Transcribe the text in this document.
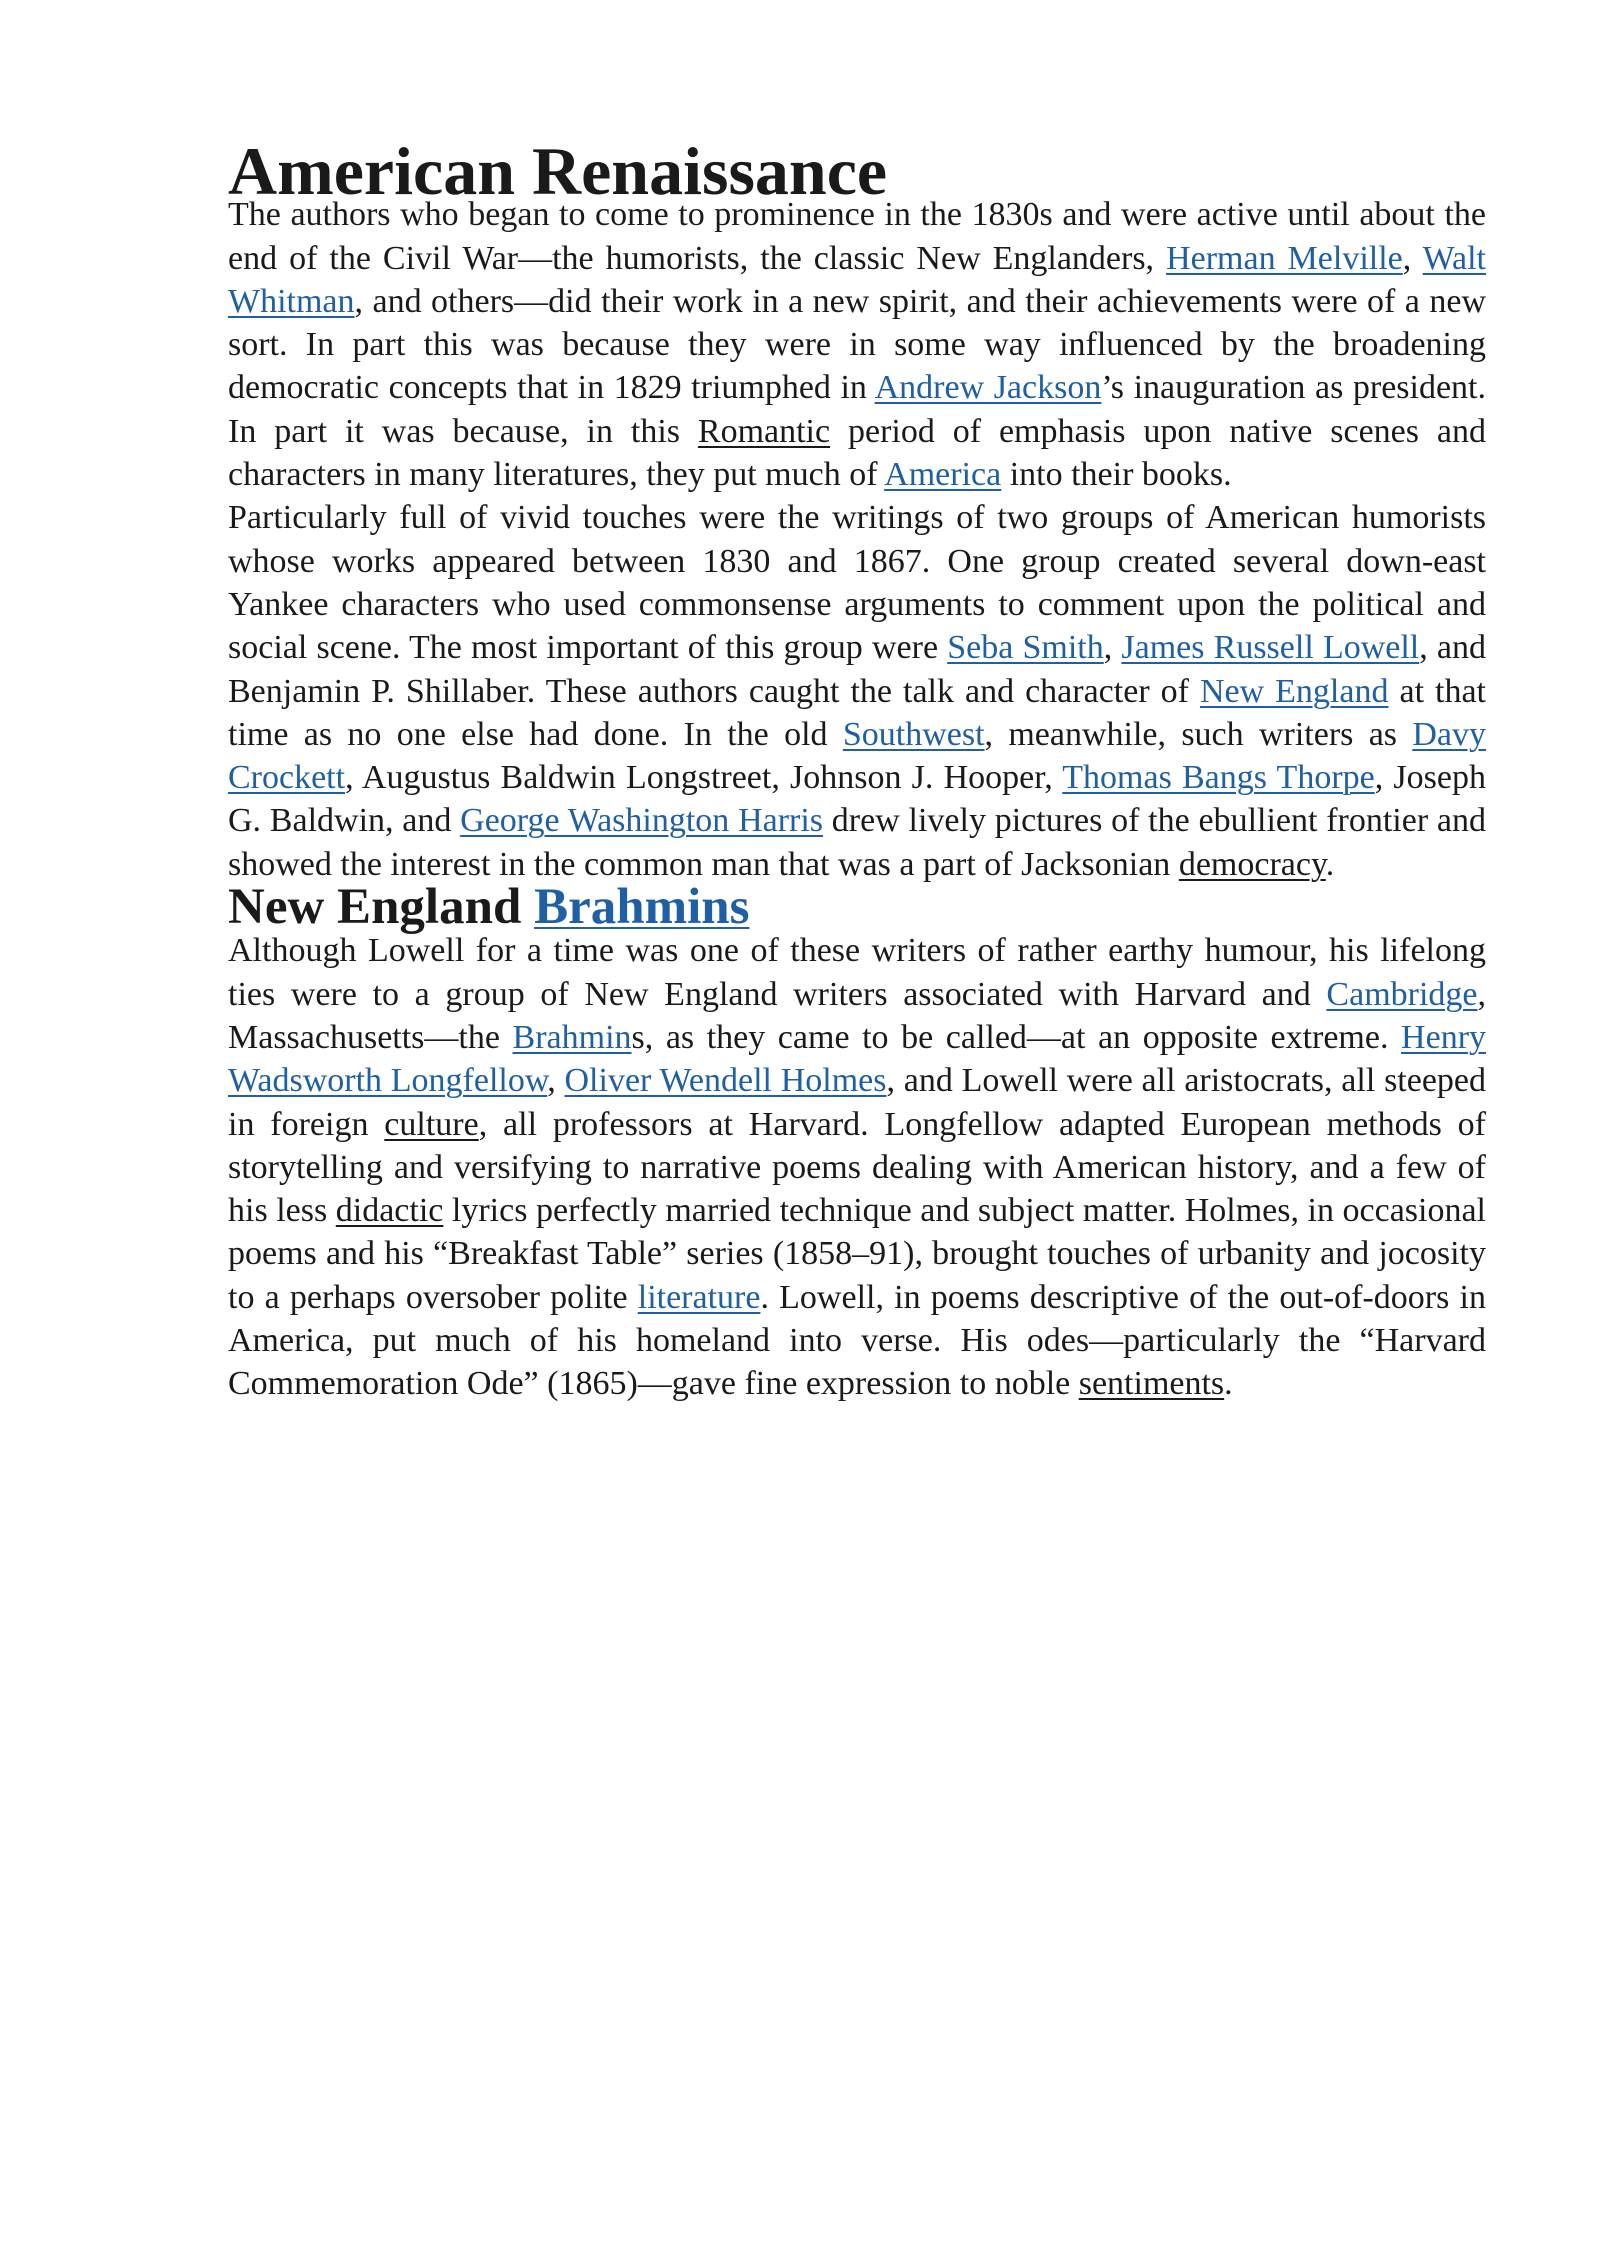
American Renaissance

The authors who began to come to prominence in the 1830s and were active until about the end of the Civil War—the humorists, the classic New Englanders, Herman Melville, Walt Whitman, and others—did their work in a new spirit, and their achievements were of a new sort. In part this was because they were in some way influenced by the broadening democratic concepts that in 1829 triumphed in Andrew Jackson’s inauguration as president. In part it was because, in this Romantic period of emphasis upon native scenes and characters in many literatures, they put much of America into their books.

Particularly full of vivid touches were the writings of two groups of American humorists whose works appeared between 1830 and 1867. One group created several down-east Yankee characters who used commonsense arguments to comment upon the political and social scene. The most important of this group were Seba Smith, James Russell Lowell, and Benjamin P. Shillaber. These authors caught the talk and character of New England at that time as no one else had done. In the old Southwest, meanwhile, such writers as Davy Crockett, Augustus Baldwin Longstreet, Johnson J. Hooper, Thomas Bangs Thorpe, Joseph G. Baldwin, and George Washington Harris drew lively pictures of the ebullient frontier and showed the interest in the common man that was a part of Jacksonian democracy.

New England Brahmins

Although Lowell for a time was one of these writers of rather earthy humour, his lifelong ties were to a group of New England writers associated with Harvard and Cambridge, Massachusetts—the Brahmins, as they came to be called—at an opposite extreme. Henry Wadsworth Longfellow, Oliver Wendell Holmes, and Lowell were all aristocrats, all steeped in foreign culture, all professors at Harvard. Longfellow adapted European methods of storytelling and versifying to narrative poems dealing with American history, and a few of his less didactic lyrics perfectly married technique and subject matter. Holmes, in occasional poems and his “Breakfast Table” series (1858–91), brought touches of urbanity and jocosity to a perhaps oversober polite literature. Lowell, in poems descriptive of the out-of-doors in America, put much of his homeland into verse. His odes—particularly the “Harvard Commemoration Ode” (1865)—gave fine expression to noble sentiments.
